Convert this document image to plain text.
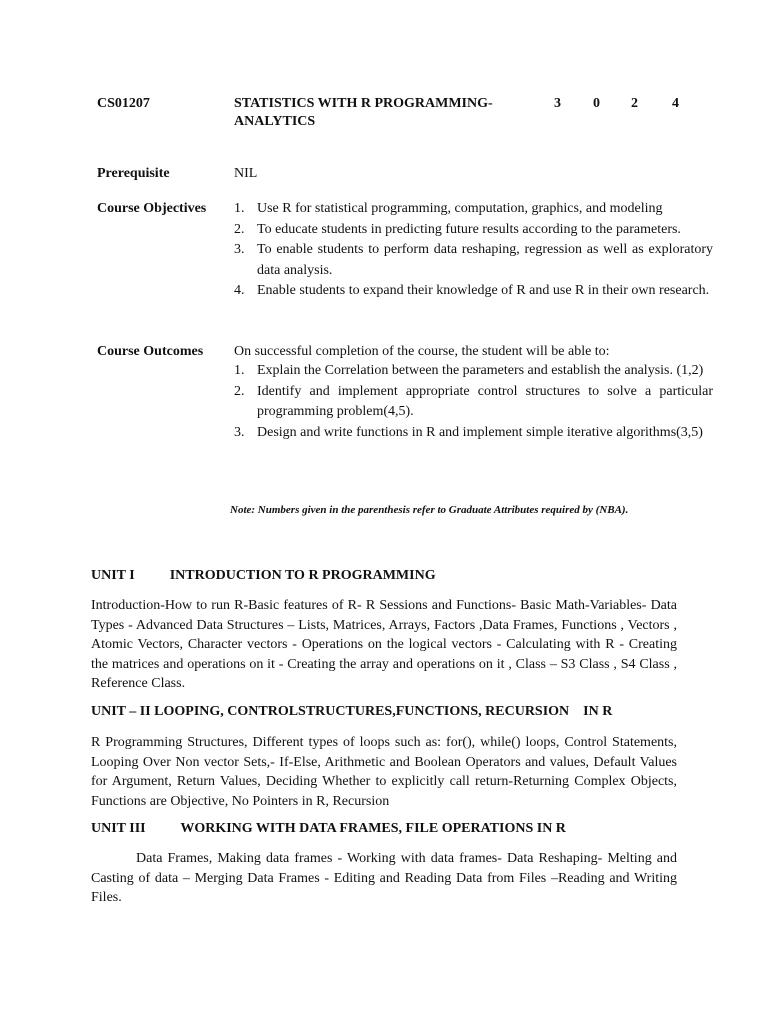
CS01207	STATISTICS WITH R PROGRAMMING-
ANALYTICS
3 0 2 4
Prerequisite	NIL
Course Objectives 1. Use R for statistical programming, computation, graphics, and modeling
2. To educate students in predicting future results according to the parameters.
3. To enable students to perform data reshaping, regression as well as exploratory data analysis.
4. Enable students to expand their knowledge of R and use R in their own research.
Course Outcomes On successful completion of the course, the student will be able to:
1. Explain the Correlation between the parameters and establish the analysis. (1,2)
2. Identify and implement appropriate control structures to solve a particular programming problem(4,5).
3. Design and write functions in R and implement simple iterative algorithms(3,5)
Note: Numbers given in the parenthesis refer to Graduate Attributes required by (NBA).
UNIT I          INTRODUCTION TO R PROGRAMMING
Introduction-How to run R-Basic features of R- R Sessions and Functions- Basic Math-Variables- Data Types - Advanced Data Structures – Lists, Matrices, Arrays, Factors ,Data Frames, Functions , Vectors , Atomic Vectors, Character vectors - Operations on the logical vectors - Calculating with R - Creating the matrices and operations on it - Creating the array and operations on it , Class – S3 Class , S4 Class , Reference Class.
UNIT – II LOOPING, CONTROLSTRUCTURES,FUNCTIONS, RECURSION    IN R
R Programming Structures, Different types of loops such as: for(), while() loops, Control Statements, Looping Over Non vector Sets,- If-Else, Arithmetic and Boolean Operators and values, Default Values for Argument, Return Values, Deciding Whether to explicitly call return-Returning Complex Objects, Functions are Objective, No Pointers in R, Recursion
UNIT III          WORKING WITH DATA FRAMES, FILE OPERATIONS IN R
Data Frames, Making data frames - Working with data frames- Data Reshaping- Melting and Casting of data – Merging Data Frames - Editing and Reading Data from Files –Reading and Writing Files.
